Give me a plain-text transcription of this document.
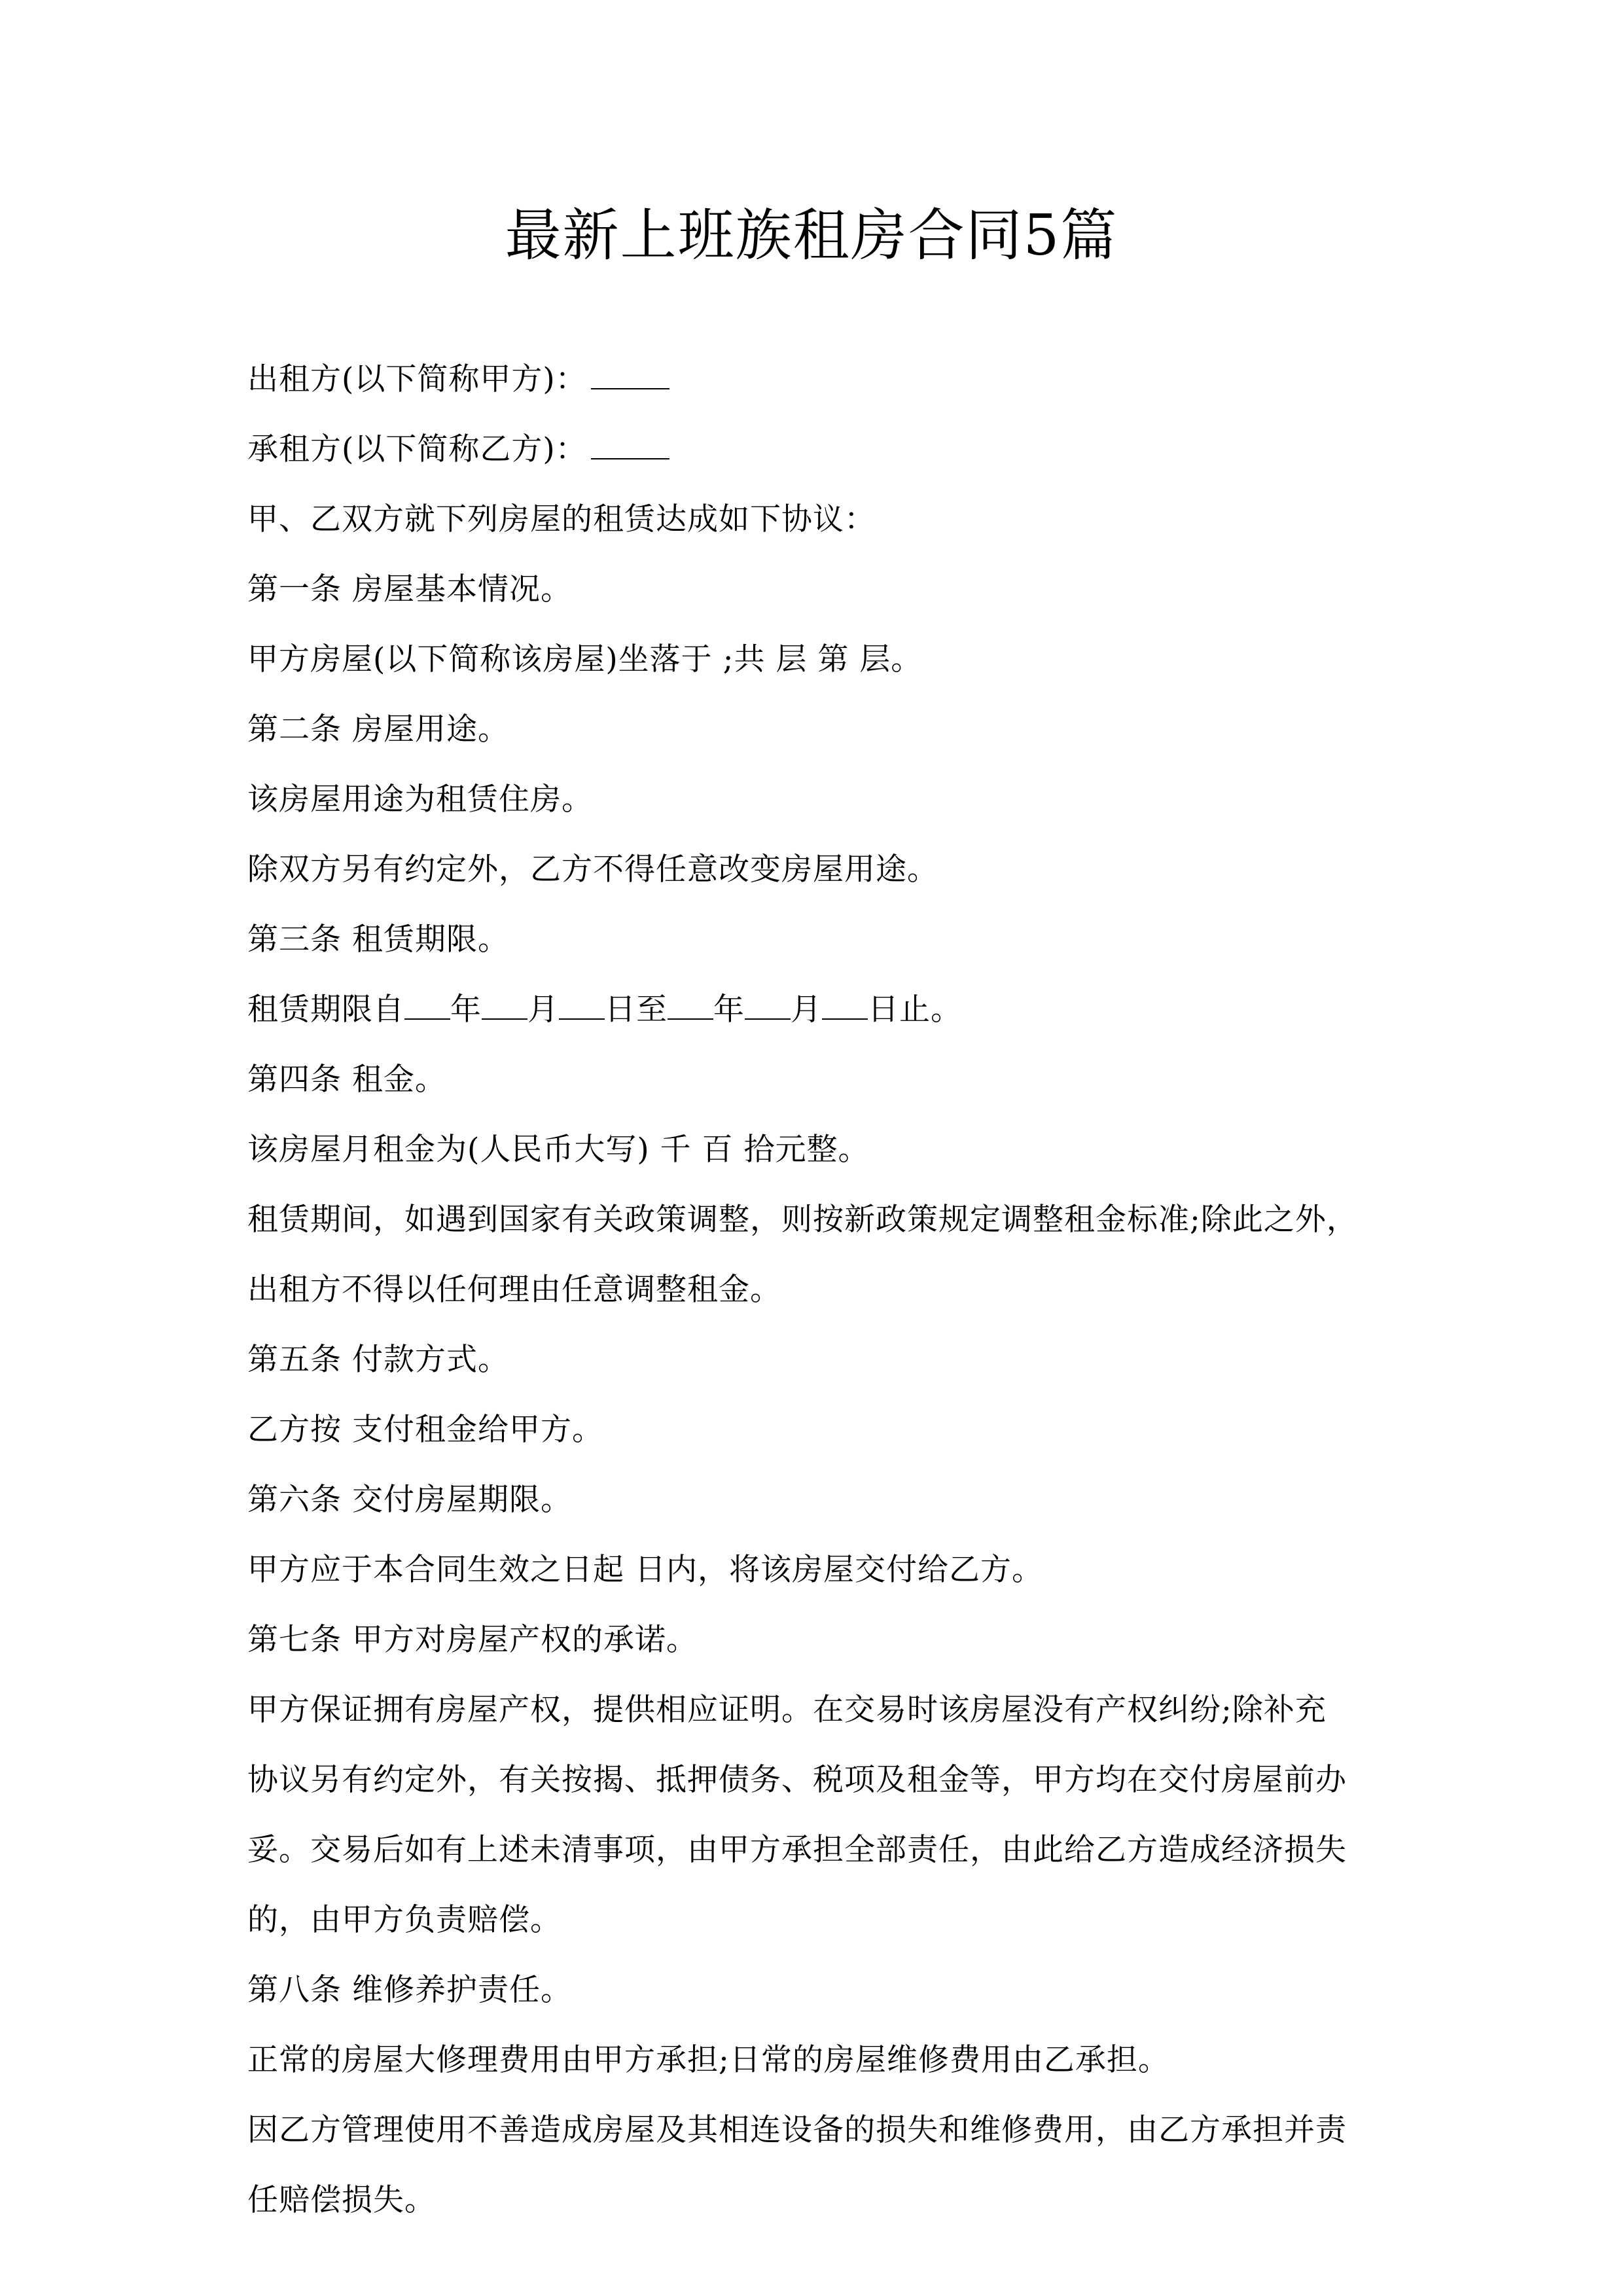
最新上班族租房合同5篇

出租方(以下简称甲方)：

承租方(以下简称乙方)：

甲、乙双方就下列房屋的租赁达成如下协议：

第一条 房屋基本情况。

甲方房屋(以下简称该房屋)坐落于 ;共 层 第 层。

第二条 房屋用途。

该房屋用途为租赁住房。

除双方另有约定外，乙方不得任意改变房屋用途。

第三条 租赁期限。

租赁期限自 年 月 日至 年 月 日止。

第四条 租金。

该房屋月租金为(人民币大写) 千 百 拾元整。

租赁期间，如遇到国家有关政策调整，则按新政策规定调整租金标准;除此之外，

出租方不得以任何理由任意调整租金。

第五条 付款方式。

乙方按 支付租金给甲方。

第六条 交付房屋期限。

甲方应于本合同生效之日起 日内，将该房屋交付给乙方。

第七条 甲方对房屋产权的承诺。

甲方保证拥有房屋产权，提供相应证明。在交易时该房屋没有产权纠纷;除补充

协议另有约定外，有关按揭、抵押债务、税项及租金等，甲方均在交付房屋前办

妥。交易后如有上述未清事项，由甲方承担全部责任，由此给乙方造成经济损失

的，由甲方负责赔偿。

第八条 维修养护责任。

正常的房屋大修理费用由甲方承担;日常的房屋维修费用由乙承担。

因乙方管理使用不善造成房屋及其相连设备的损失和维修费用，由乙方承担并责

任赔偿损失。
